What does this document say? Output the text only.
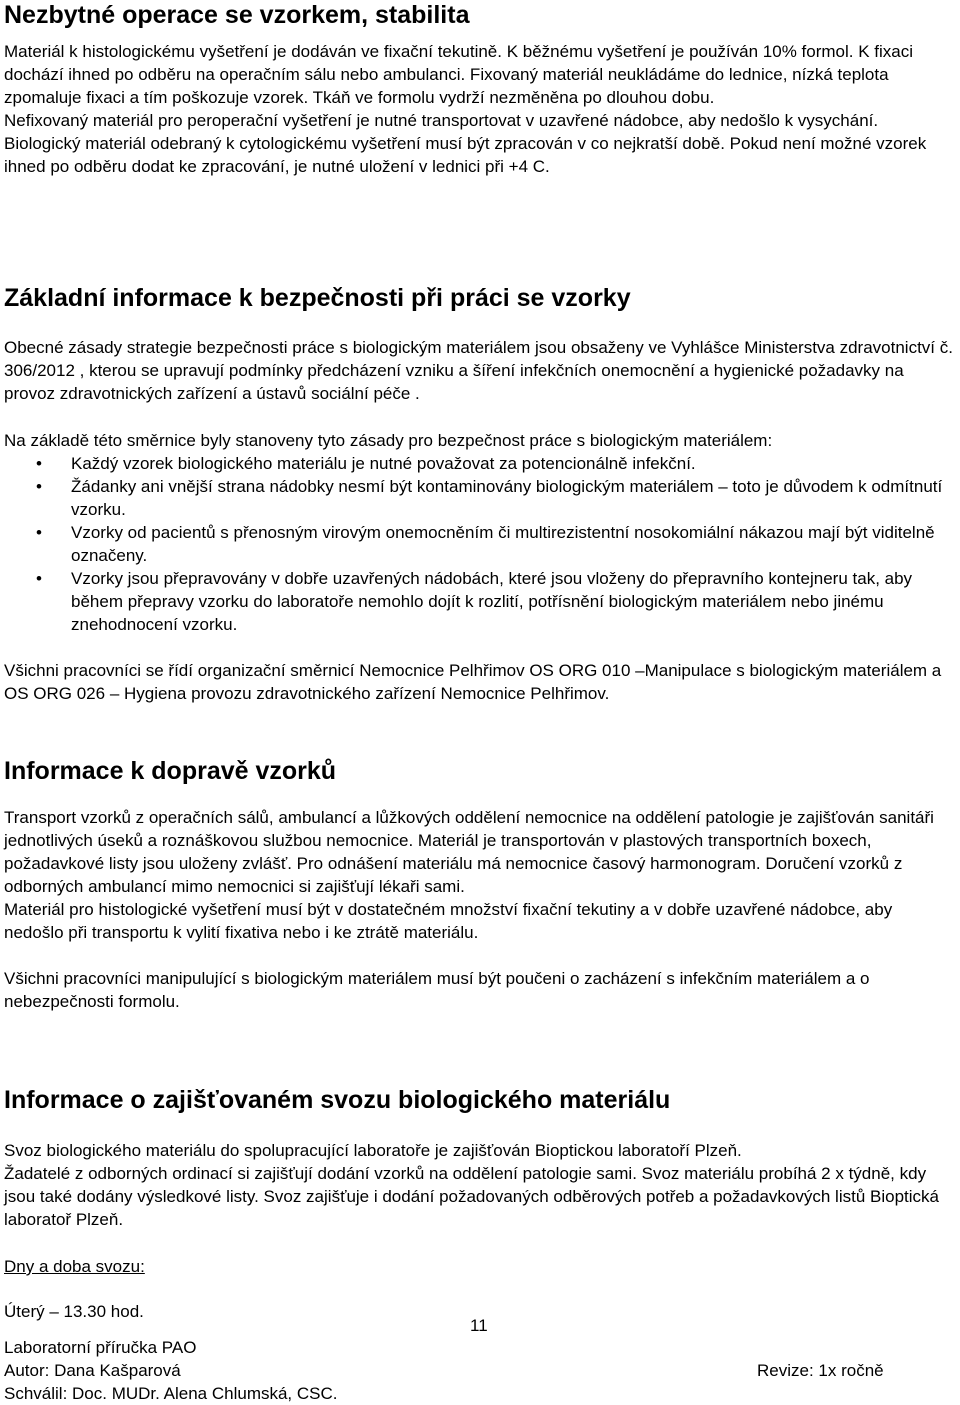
Nezbytné operace se vzorkem, stabilita

Materiál k histologickému vyšetření je dodáván ve fixační tekutině. K běžnému vyšetření je používán 10% formol. K fixaci dochází ihned po odběru na operačním sálu nebo ambulanci. Fixovaný materiál neukládáme do lednice, nízká teplota zpomaluje fixaci a tím poškozuje vzorek. Tkáň ve formolu vydrží nezměněna po dlouhou dobu.

Nefixovaný materiál pro peroperační vyšetření je nutné transportovat v uzavřené nádobce, aby nedošlo k vysychání.

Biologický materiál odebraný k cytologickému vyšetření musí být zpracován v co nejkratší době. Pokud není možné vzorek ihned po odběru dodat ke zpracování, je nutné uložení v lednici při +4 C.

Základní informace k bezpečnosti při práci se vzorky

Obecné zásady strategie bezpečnosti práce s biologickým materiálem jsou obsaženy ve Vyhlášce Ministerstva zdravotnictví č. 306/2012 , kterou se upravují podmínky předcházení vzniku a šíření infekčních onemocnění a hygienické požadavky na provoz zdravotnických zařízení a ústavů sociální péče .

Na základě této směrnice byly stanoveny tyto zásady pro bezpečnost práce s biologickým materiálem:

• Každý vzorek biologického materiálu je nutné považovat za potencionálně infekční.
• Žádanky ani vnější strana nádobky nesmí být kontaminovány biologickým materiálem – toto je důvodem k odmítnutí vzorku.
• Vzorky od pacientů s přenosným virovým onemocněním či multirezistentní nosokomiální nákazou mají být viditelně označeny.
• Vzorky jsou přepravovány v dobře uzavřených nádobách, které jsou vloženy do přepravního kontejneru tak, aby během přepravy vzorku do laboratoře nemohlo dojít k rozlití, potřísnění biologickým materiálem nebo jinému znehodnocení vzorku.

Všichni pracovníci se řídí organizační směrnicí Nemocnice Pelhřimov OS ORG 010 –Manipulace s biologickým materiálem a OS ORG 026 – Hygiena provozu zdravotnického zařízení Nemocnice Pelhřimov.

Informace k dopravě vzorků

Transport vzorků z operačních sálů, ambulancí a lůžkových oddělení nemocnice na oddělení patologie je zajišťován sanitáři jednotlivých úseků a roznáškovou službou nemocnice. Materiál je transportován v plastových transportních boxech, požadavkové listy jsou uloženy zvlášť. Pro odnášení materiálu má nemocnice časový harmonogram. Doručení vzorků z odborných ambulancí mimo nemocnici si zajišťují lékaři sami.

Materiál pro histologické vyšetření musí být v dostatečném množství fixační tekutiny a v dobře uzavřené nádobce, aby nedošlo při transportu k vylití fixativa nebo i ke ztrátě materiálu.

Všichni pracovníci manipulující s biologickým materiálem musí být poučeni o zacházení s infekčním materiálem a o nebezpečnosti formolu.

Informace o zajišťovaném svozu biologického materiálu

Svoz biologického materiálu do spolupracující laboratoře je zajišťován Bioptickou laboratoří Plzeň.

Žadatelé z odborných ordinací si zajišťují dodání vzorků na oddělení patologie sami. Svoz materiálu probíhá 2 x týdně, kdy jsou také dodány výsledkové listy. Svoz zajišťuje i dodání požadovaných odběrových potřeb a požadavkových listů Bioptická laboratoř Plzeň.

Dny a doba svozu:

Úterý – 13.30 hod.

11
Laboratorní příručka PAO
Autor: Dana Kašparová	Revize: 1x ročně
Schválil: Doc. MUDr. Alena Chlumská, CSC.
